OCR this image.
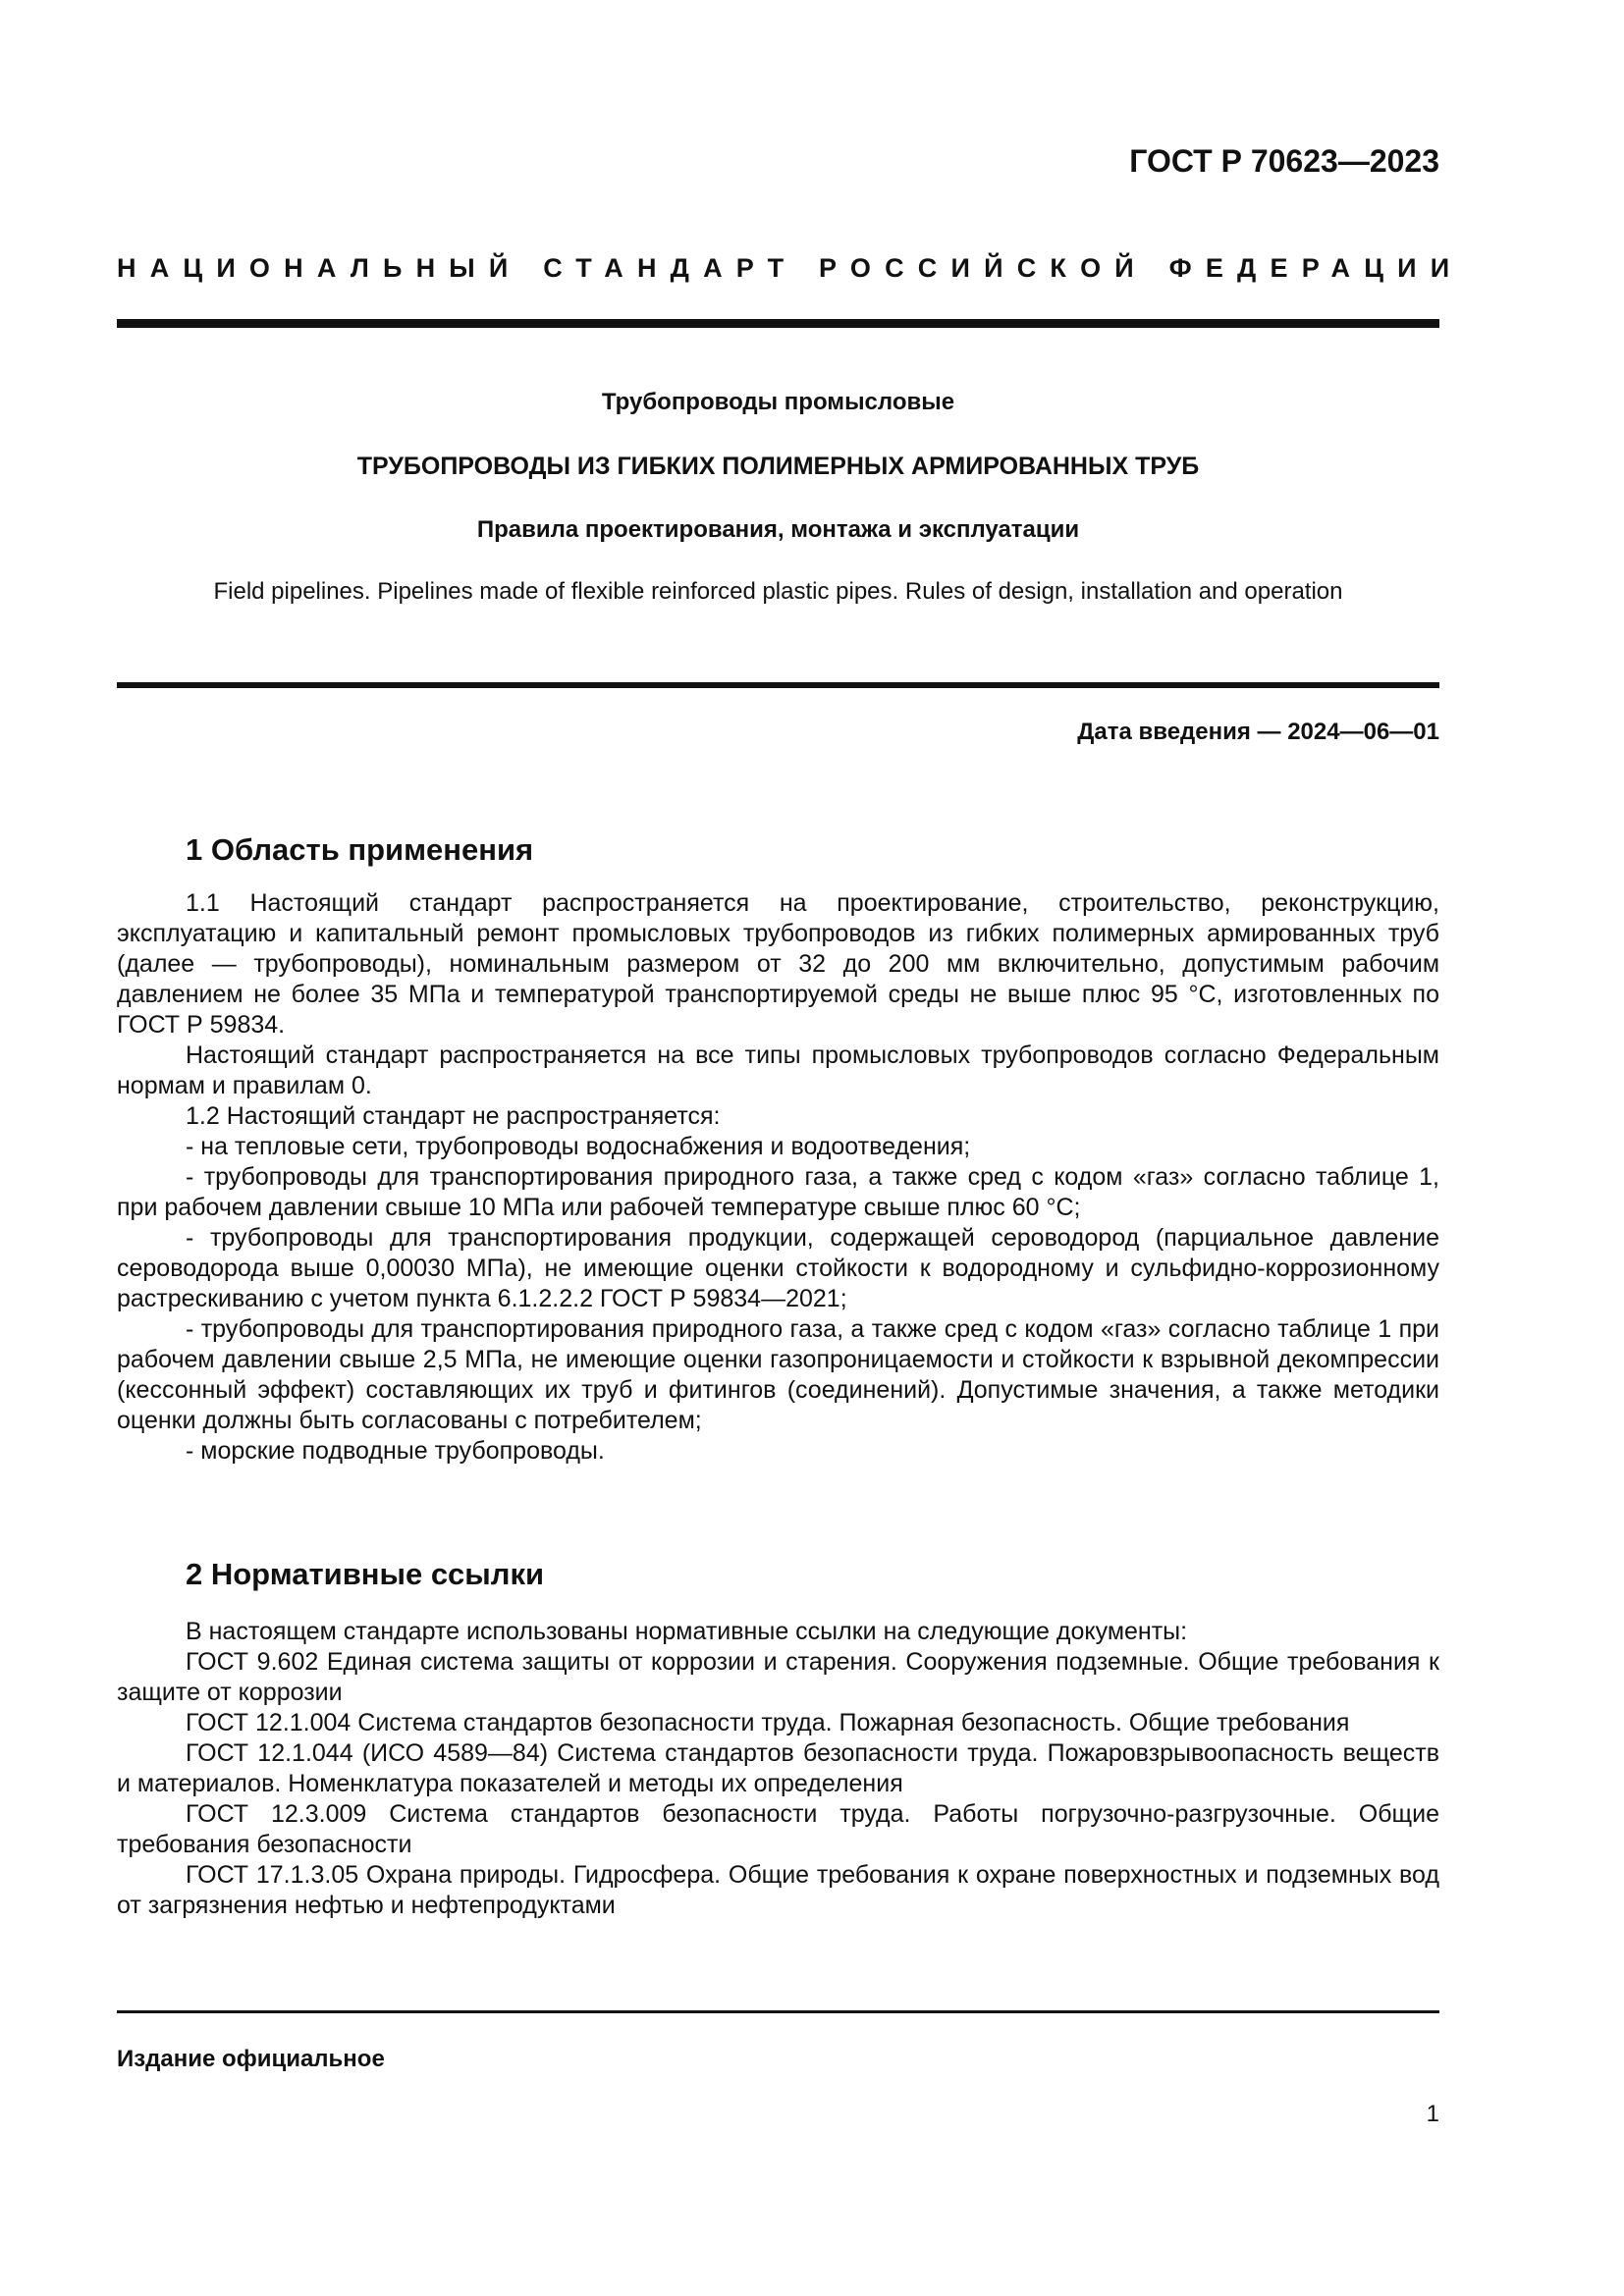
ГОСТ Р 70623—2023
НАЦИОНАЛЬНЫЙ СТАНДАРТ РОССИЙСКОЙ ФЕДЕРАЦИИ
Трубопроводы промысловые
ТРУБОПРОВОДЫ ИЗ ГИБКИХ ПОЛИМЕРНЫХ АРМИРОВАННЫХ ТРУБ
Правила проектирования, монтажа и эксплуатации
Field pipelines. Pipelines made of flexible reinforced plastic pipes. Rules of design, installation and operation
Дата введения — 2024—06—01
1 Область применения

1.1 Настоящий стандарт распространяется на проектирование, строительство, реконструкцию, эксплуатацию и капитальный ремонт промысловых трубопроводов из гибких полимерных армированных труб (далее — трубопроводы), номинальным размером от 32 до 200 мм включительно, допустимым рабочим давлением не более 35 МПа и температурой транспортируемой среды не выше плюс 95 °С, изготовленных по ГОСТ Р 59834.

Настоящий стандарт распространяется на все типы промысловых трубопроводов согласно Федеральным нормам и правилам 0.

1.2 Настоящий стандарт не распространяется:

- на тепловые сети, трубопроводы водоснабжения и водоотведения;

- трубопроводы для транспортирования природного газа, а также сред с кодом «газ» согласно таблице 1, при рабочем давлении свыше 10 МПа или рабочей температуре свыше плюс 60 °С;

- трубопроводы для транспортирования продукции, содержащей сероводород (парциальное давление сероводорода выше 0,00030 МПа), не имеющие оценки стойкости к водородному и сульфидно-коррозионному растрескиванию с учетом пункта 6.1.2.2.2 ГОСТ Р 59834—2021;

- трубопроводы для транспортирования природного газа, а также сред с кодом «газ» согласно таблице 1 при рабочем давлении свыше 2,5 МПа, не имеющие оценки газопроницаемости и стойкости к взрывной декомпрессии (кессонный эффект) составляющих их труб и фитингов (соединений). Допустимые значения, а также методики оценки должны быть согласованы с потребителем;

- морские подводные трубопроводы.

2 Нормативные ссылки

В настоящем стандарте использованы нормативные ссылки на следующие документы:

ГОСТ 9.602 Единая система защиты от коррозии и старения. Сооружения подземные. Общие требования к защите от коррозии

ГОСТ 12.1.004 Система стандартов безопасности труда. Пожарная безопасность. Общие требования

ГОСТ 12.1.044 (ИСО 4589—84) Система стандартов безопасности труда. Пожаровзрывоопасность веществ и материалов. Номенклатура показателей и методы их определения

ГОСТ 12.3.009 Система стандартов безопасности труда. Работы погрузочно-разгрузочные. Общие требования безопасности

ГОСТ 17.1.3.05 Охрана природы. Гидросфера. Общие требования к охране поверхностных и подземных вод от загрязнения нефтью и нефтепродуктами

Издание официальное
1
